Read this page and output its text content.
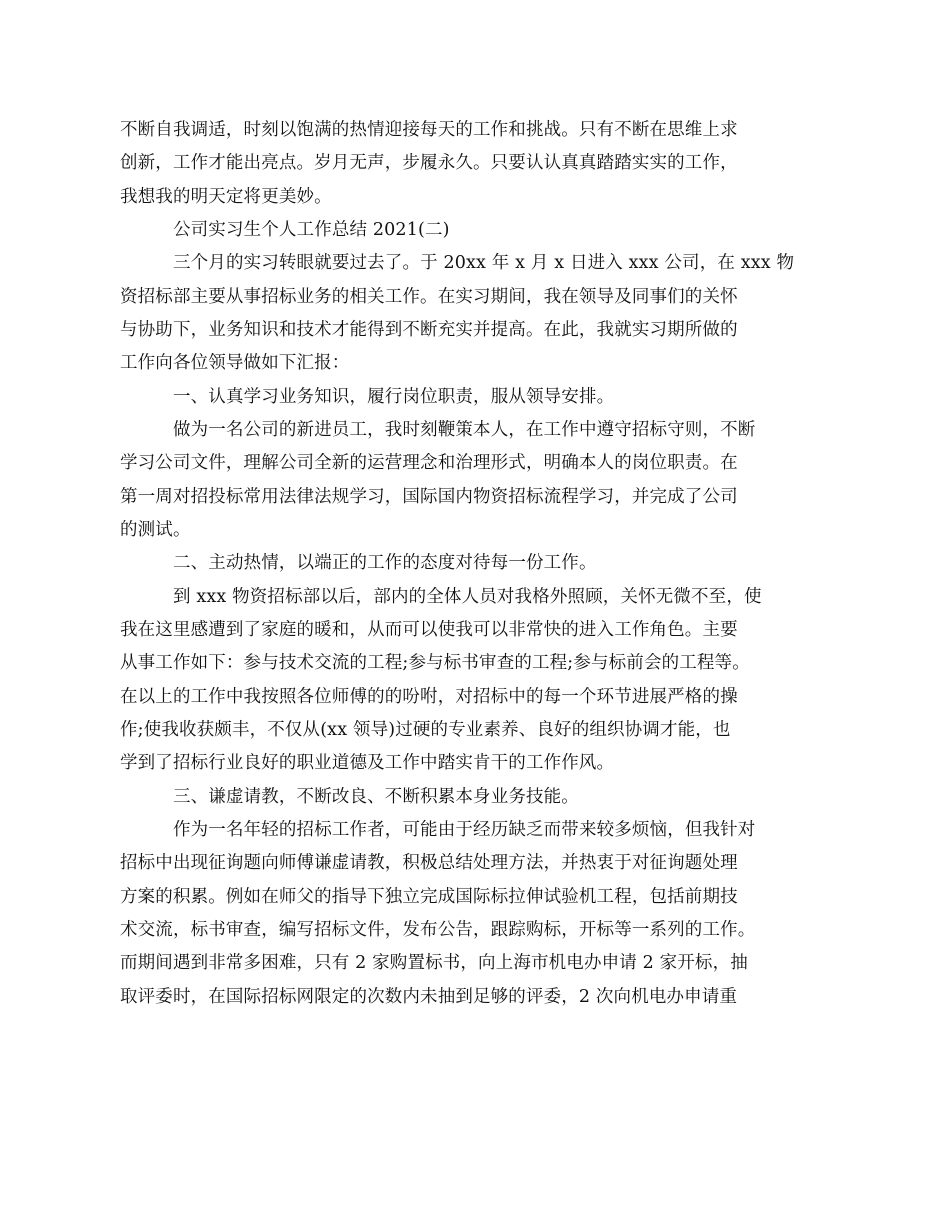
不断自我调适，时刻以饱满的热情迎接每天的工作和挑战。只有不断在思维上求
创新，工作才能出亮点。岁月无声，步履永久。只要认认真真踏踏实实的工作，
我想我的明天定将更美妙。
公司实习生个人工作总结 2021(二)
三个月的实习转眼就要过去了。于 20xx 年 x 月 x 日进入 xxx 公司，在 xxx 物
资招标部主要从事招标业务的相关工作。在实习期间，我在领导及同事们的关怀
与协助下，业务知识和技术才能得到不断充实并提高。在此，我就实习期所做的
工作向各位领导做如下汇报：
一、认真学习业务知识，履行岗位职责，服从领导安排。
做为一名公司的新进员工，我时刻鞭策本人，在工作中遵守招标守则，不断
学习公司文件，理解公司全新的运营理念和治理形式，明确本人的岗位职责。在
第一周对招投标常用法律法规学习，国际国内物资招标流程学习，并完成了公司
的测试。
二、主动热情，以端正的工作的态度对待每一份工作。
到 xxx 物资招标部以后，部内的全体人员对我格外照顾，关怀无微不至，使
我在这里感遭到了家庭的暖和，从而可以使我可以非常快的进入工作角色。主要
从事工作如下：参与技术交流的工程;参与标书审查的工程;参与标前会的工程等。
在以上的工作中我按照各位师傅的的吩咐，对招标中的每一个环节进展严格的操
作;使我收获颇丰，不仅从(xx 领导)过硬的专业素养、良好的组织协调才能，也
学到了招标行业良好的职业道德及工作中踏实肯干的工作作风。
三、谦虚请教，不断改良、不断积累本身业务技能。
作为一名年轻的招标工作者，可能由于经历缺乏而带来较多烦恼，但我针对
招标中出现征询题向师傅谦虚请教，积极总结处理方法，并热衷于对征询题处理
方案的积累。例如在师父的指导下独立完成国际标拉伸试验机工程，包括前期技
术交流，标书审查，编写招标文件，发布公告，跟踪购标，开标等一系列的工作。
而期间遇到非常多困难，只有 2 家购置标书，向上海市机电办申请 2 家开标，抽
取评委时，在国际招标网限定的次数内未抽到足够的评委，2 次向机电办申请重
